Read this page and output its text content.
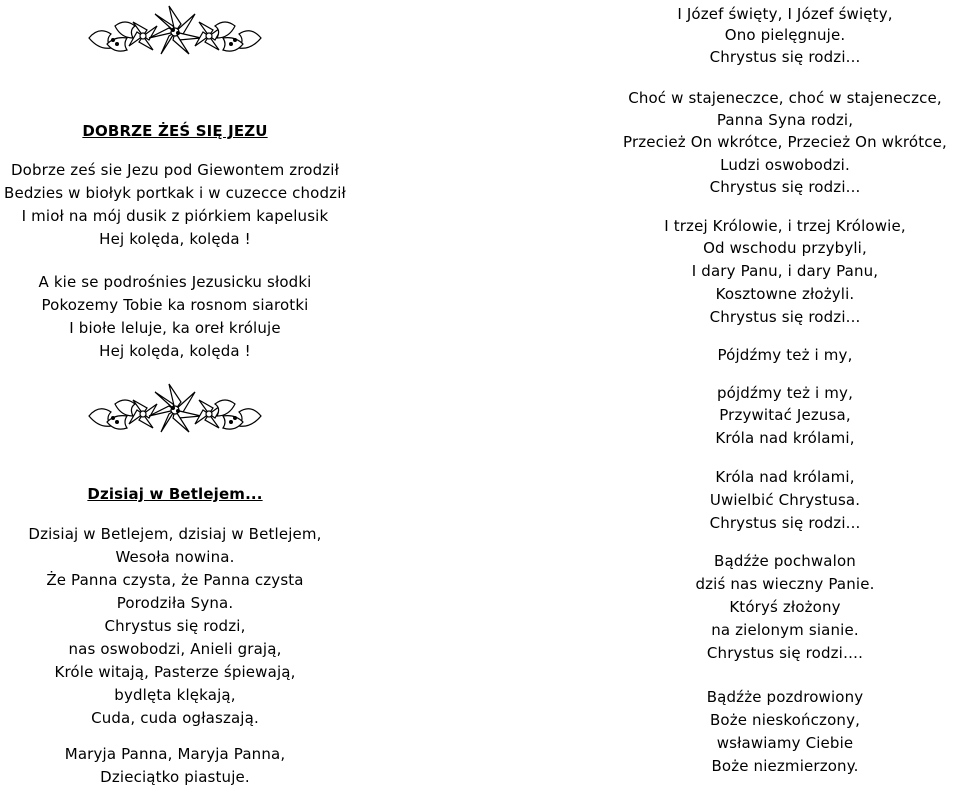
DOBRZE ŻEŚ SIĘ JEZU
Dobrze ześ sie Jezu pod Giewontem zrodził
Bedzies w biołyk portkak i w cuzecce chodził
I mioł na mój dusik z piórkiem kapelusik
Hej kolęda, kolęda !
A kie se podrośnies Jezusicku słodki
Pokozemy Tobie ka rosnom siarotki
I biołe leluje, ka oreł króluje
Hej kolęda, kolęda !
Dzisiaj w Betlejem...
Dzisiaj w Betlejem, dzisiaj w Betlejem,
Wesoła nowina.
Że Panna czysta, że Panna czysta
Porodziła Syna.
Chrystus się rodzi,
nas oswobodzi, Anieli grają,
Króle witają, Pasterze śpiewają,
bydlęta klękają,
Cuda, cuda ogłaszają.
Maryja Panna, Maryja Panna,
Dzieciątko piastuje.
I Józef święty, I Józef święty,
Ono pielęgnuje.
Chrystus się rodzi...
Choć w stajeneczce, choć w stajeneczce,
Panna Syna rodzi,
Przecież On wkrótce, Przecież On wkrótce,
Ludzi oswobodzi.
Chrystus się rodzi...
I trzej Królowie, i trzej Królowie,
Od wschodu przybyli,
I dary Panu, i dary Panu,
Kosztowne złożyli.
Chrystus się rodzi...
Pójdźmy też i my,
pójdźmy też i my,
Przywitać Jezusa,
Króla nad królami,
Króla nad królami,
Uwielbić Chrystusa.
Chrystus się rodzi...
Bądźże pochwalon
dziś nas wieczny Panie.
Któryś złożony
na zielonym sianie.
Chrystus się rodzi….
Bądźże pozdrowiony
Boże nieskończony,
wsławiamy Ciebie
Boże niezmierzony.
